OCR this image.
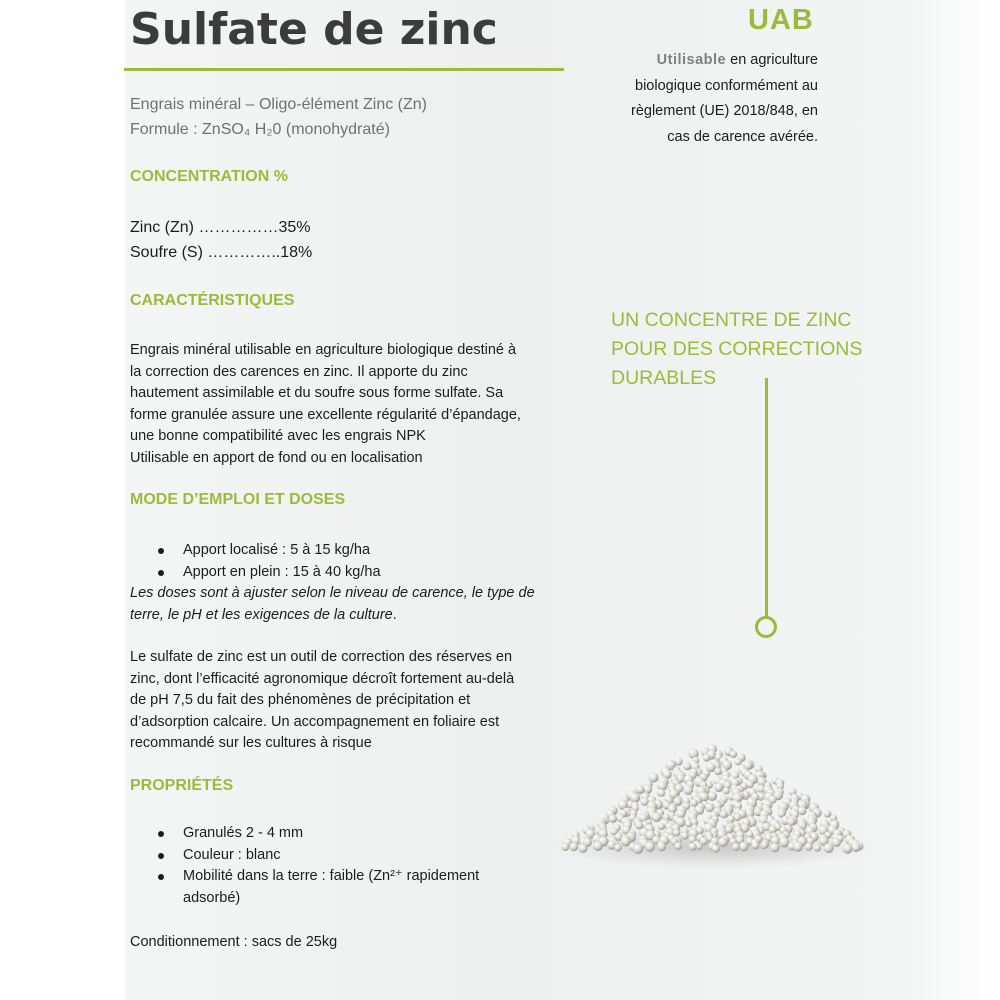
Sulfate de zinc
Engrais minéral – Oligo-élément Zinc (Zn)
Formule : ZnSO₄ H₂0 (monohydraté)
UAB
Utilisable en agriculture
biologique conformément au
règlement (UE) 2018/848, en
cas de carence avérée.
UN CONCENTRE DE ZINC
POUR DES CORRECTIONS
DURABLES
CONCENTRATION %
Zinc (Zn) ……………35%
Soufre (S) …………..18%
CARACTÉRISTIQUES
Engrais minéral utilisable en agriculture biologique destiné à
la correction des carences en zinc. Il apporte du zinc
hautement assimilable et du soufre sous forme sulfate. Sa
forme granulée assure une excellente régularité d’épandage,
une bonne compatibilité avec les engrais NPK
Utilisable en apport de fond ou en localisation
MODE D’EMPLOI ET DOSES
Apport localisé : 5 à 15 kg/ha
Apport en plein : 15 à 40 kg/ha
Les doses sont à ajuster selon le niveau de carence, le type de
terre, le pH et les exigences de la culture.
Le sulfate de zinc est un outil de correction des réserves en
zinc, dont l’efficacité agronomique décroît fortement au-delà
de pH 7,5 du fait des phénomènes de précipitation et
d’adsorption calcaire. Un accompagnement en foliaire est
recommandé sur les cultures à risque
PROPRIÉTÉS
Granulés 2 - 4 mm
Couleur : blanc
Mobilité dans la terre : faible (Zn²⁺ rapidement
adsorbé)
Conditionnement : sacs de 25kg
